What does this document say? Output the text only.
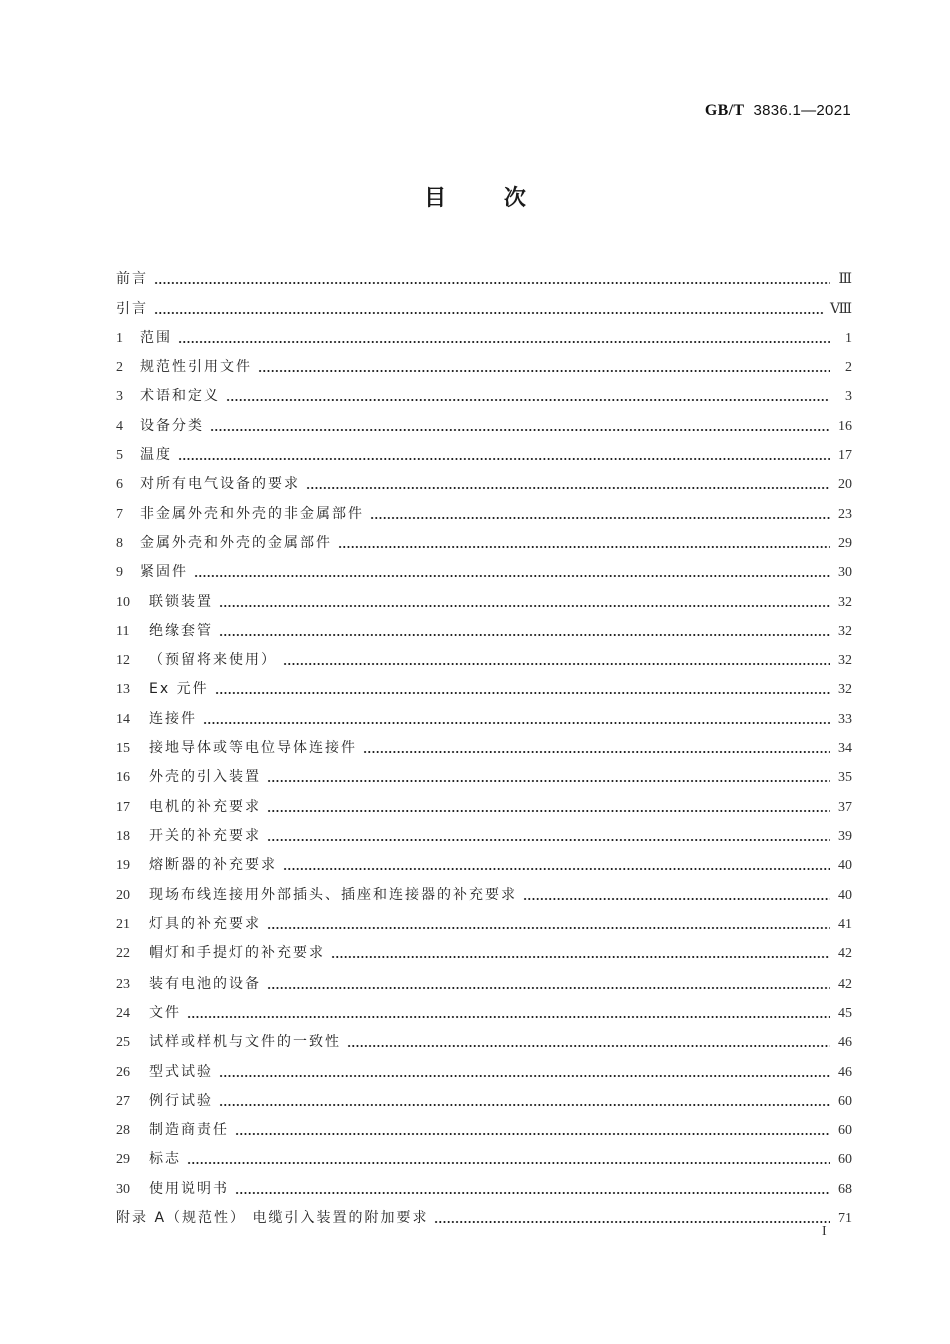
GB/T 3836.1—2021
目	次
前言	Ⅲ
引言	Ⅷ
1	范围	1
2	规范性引用文件	2
3	术语和定义	3
4	设备分类	16
5	温度	17
6	对所有电气设备的要求	20
7	非金属外壳和外壳的非金属部件	23
8	金属外壳和外壳的金属部件	29
9	紧固件	30
10	联锁装置	32
11	绝缘套管	32
12	（预留将来使用）	32
13	Ex 元件	32
14	连接件	33
15	接地导体或等电位导体连接件	34
16	外壳的引入装置	35
17	电机的补充要求	37
18	开关的补充要求	39
19	熔断器的补充要求	40
20	现场布线连接用外部插头、插座和连接器的补充要求	40
21	灯具的补充要求	41
22	帽灯和手提灯的补充要求	42
23	装有电池的设备	42
24	文件	45
25	试样或样机与文件的一致性	46
26	型式试验	46
27	例行试验	60
28	制造商责任	60
29	标志	60
30	使用说明书	68
附录 A（规范性） 电缆引入装置的附加要求	71
I
